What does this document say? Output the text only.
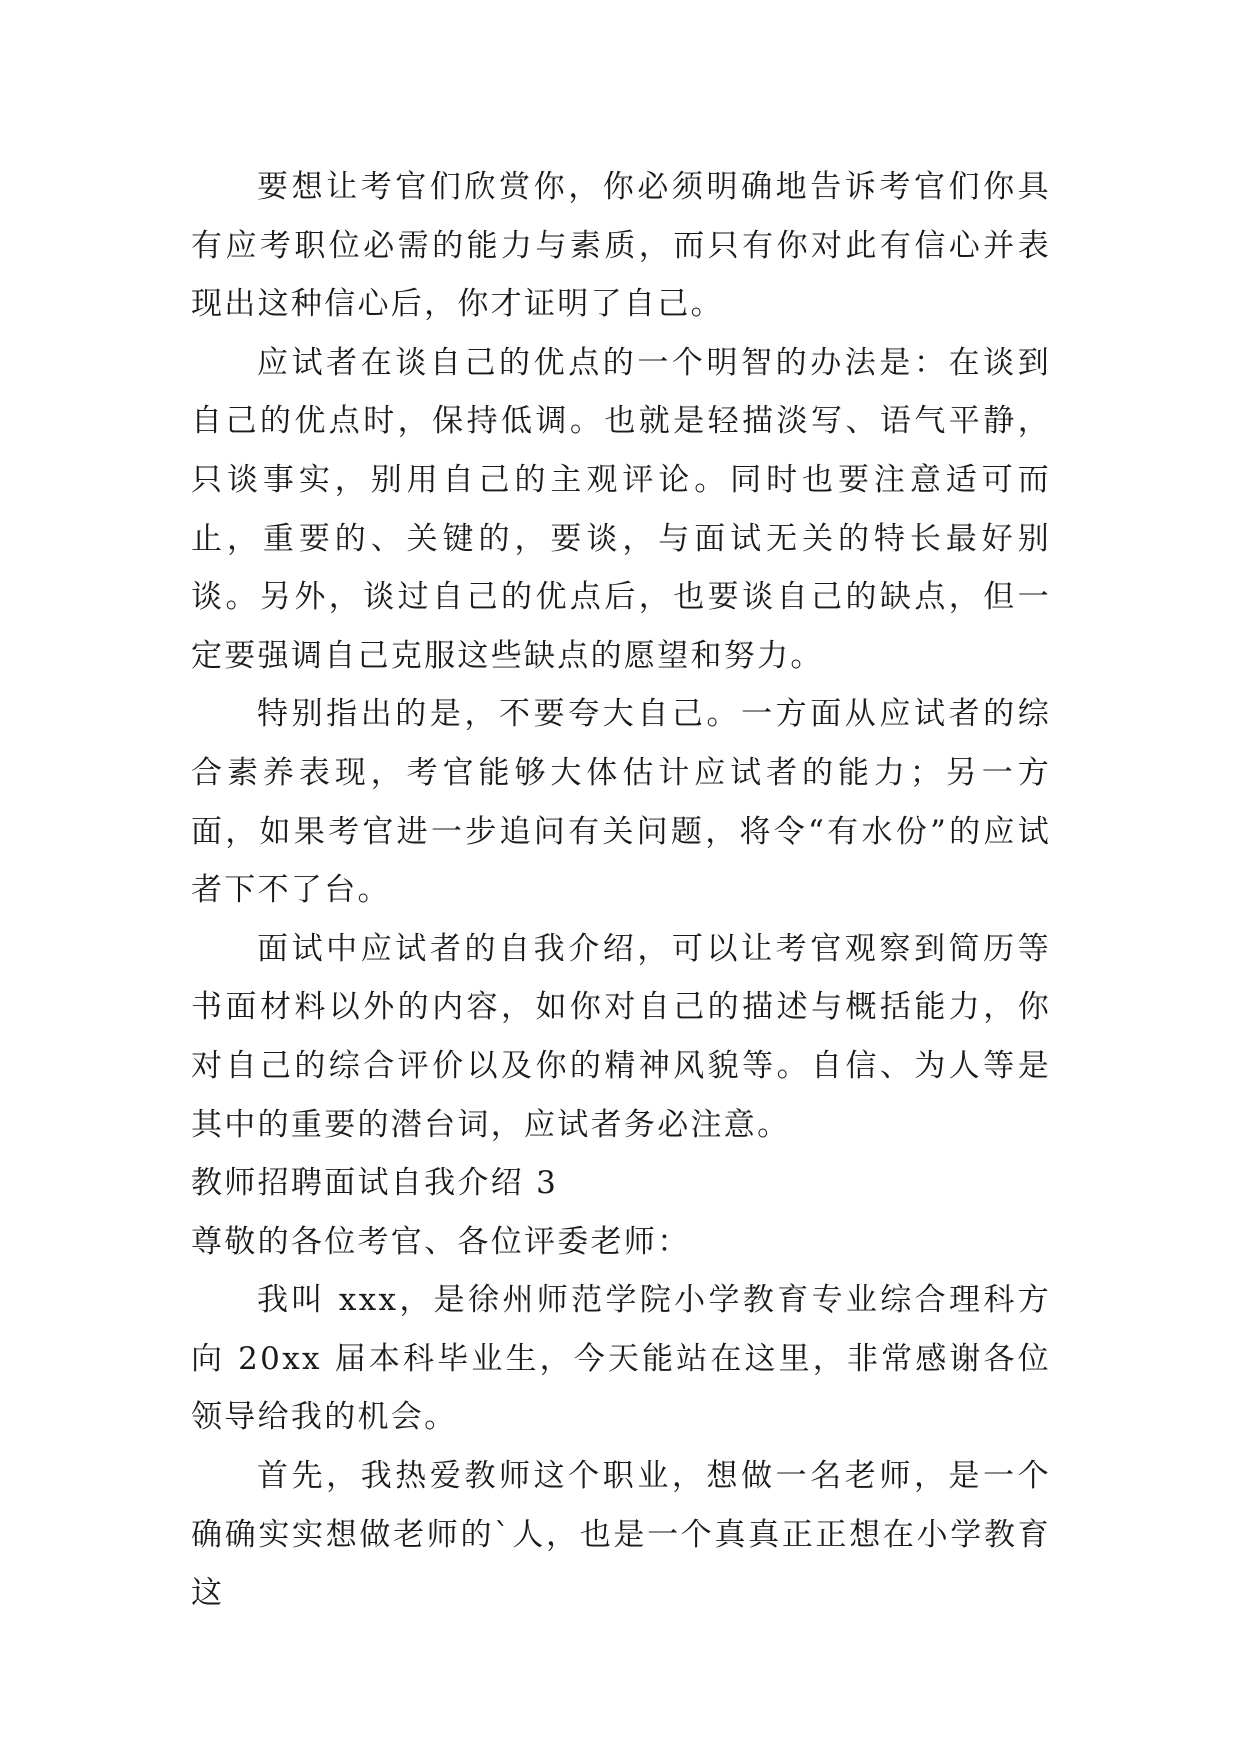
要想让考官们欣赏你，你必须明确地告诉考官们你具有应考职位必需的能力与素质，而只有你对此有信心并表现出这种信心后，你才证明了自己。

应试者在谈自己的优点的一个明智的办法是：在谈到自己的优点时，保持低调。也就是轻描淡写、语气平静，只谈事实，别用自己的主观评论。同时也要注意适可而止，重要的、关键的，要谈，与面试无关的特长最好别谈。另外，谈过自己的优点后，也要谈自己的缺点，但一定要强调自己克服这些缺点的愿望和努力。

特别指出的是，不要夸大自己。一方面从应试者的综合素养表现，考官能够大体估计应试者的能力；另一方面，如果考官进一步追问有关问题，将令“有水份”的应试者下不了台。

面试中应试者的自我介绍，可以让考官观察到简历等书面材料以外的内容，如你对自己的描述与概括能力，你对自己的综合评价以及你的精神风貌等。自信、为人等是其中的重要的潜台词，应试者务必注意。

教师招聘面试自我介绍 3

尊敬的各位考官、各位评委老师：

我叫 xxx，是徐州师范学院小学教育专业综合理科方向 20xx 届本科毕业生，今天能站在这里，非常感谢各位领导给我的机会。

首先，我热爱教师这个职业，想做一名老师，是一个确确实实想做老师的`人，也是一个真真正正想在小学教育这
